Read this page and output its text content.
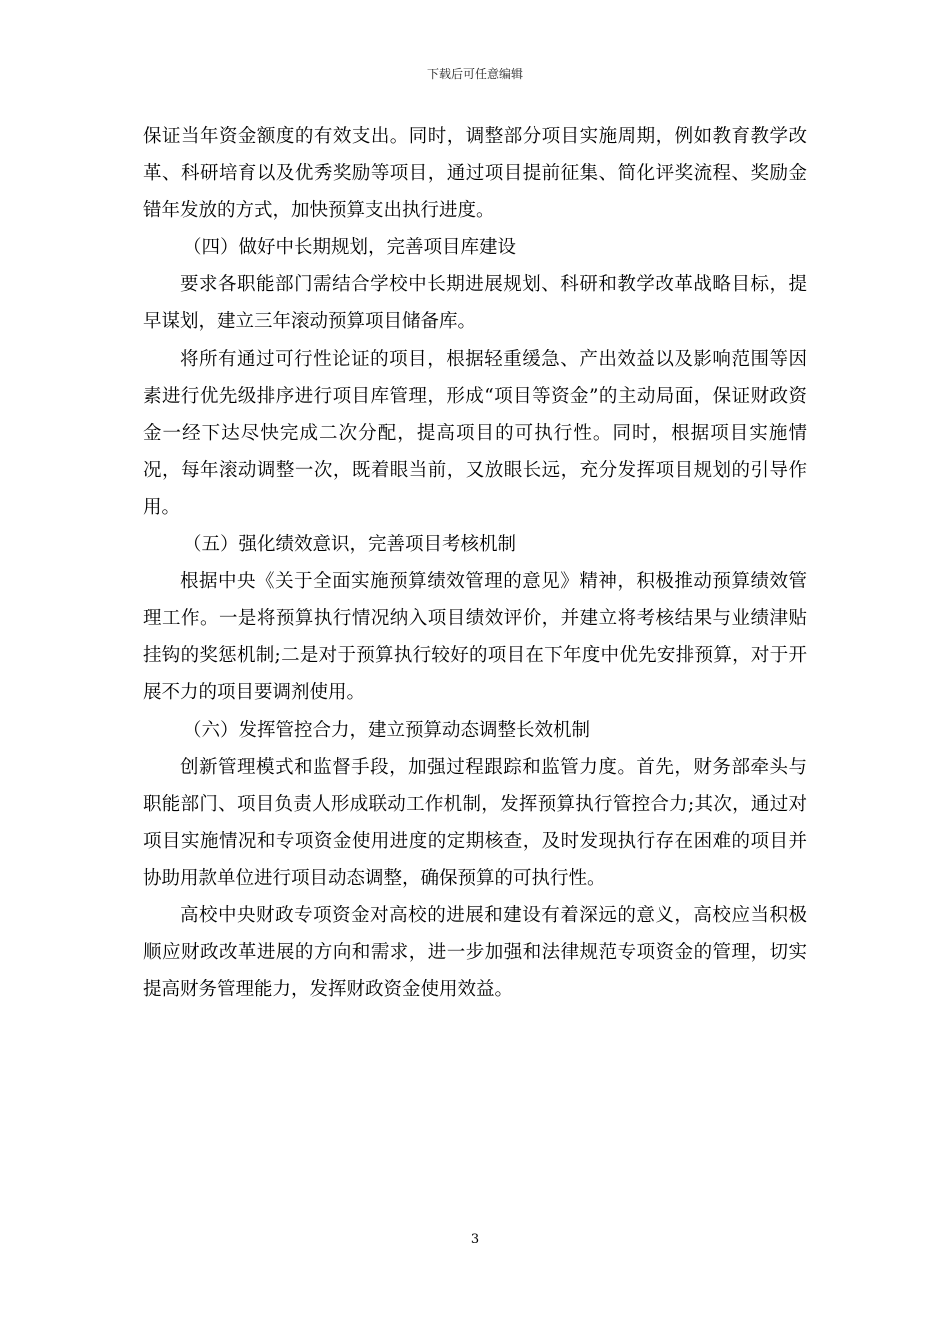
下载后可任意编辑

保证当年资金额度的有效支出。同时，调整部分项目实施周期，例如教育教学改革、科研培育以及优秀奖励等项目，通过项目提前征集、简化评奖流程、奖励金错年发放的方式，加快预算支出执行进度。

（四）做好中长期规划，完善项目库建设

要求各职能部门需结合学校中长期进展规划、科研和教学改革战略目标，提早谋划，建立三年滚动预算项目储备库。

将所有通过可行性论证的项目，根据轻重缓急、产出效益以及影响范围等因素进行优先级排序进行项目库管理，形成“项目等资金”的主动局面，保证财政资金一经下达尽快完成二次分配，提高项目的可执行性。同时，根据项目实施情况，每年滚动调整一次，既着眼当前，又放眼长远，充分发挥项目规划的引导作用。

（五）强化绩效意识，完善项目考核机制

根据中央《关于全面实施预算绩效管理的意见》精神，积极推动预算绩效管理工作。一是将预算执行情况纳入项目绩效评价，并建立将考核结果与业绩津贴挂钩的奖惩机制;二是对于预算执行较好的项目在下年度中优先安排预算，对于开展不力的项目要调剂使用。

（六）发挥管控合力，建立预算动态调整长效机制

创新管理模式和监督手段，加强过程跟踪和监管力度。首先，财务部牵头与职能部门、项目负责人形成联动工作机制，发挥预算执行管控合力;其次，通过对项目实施情况和专项资金使用进度的定期核查，及时发现执行存在困难的项目并协助用款单位进行项目动态调整，确保预算的可执行性。

高校中央财政专项资金对高校的进展和建设有着深远的意义，高校应当积极顺应财政改革进展的方向和需求，进一步加强和法律规范专项资金的管理，切实提高财务管理能力，发挥财政资金使用效益。

3
